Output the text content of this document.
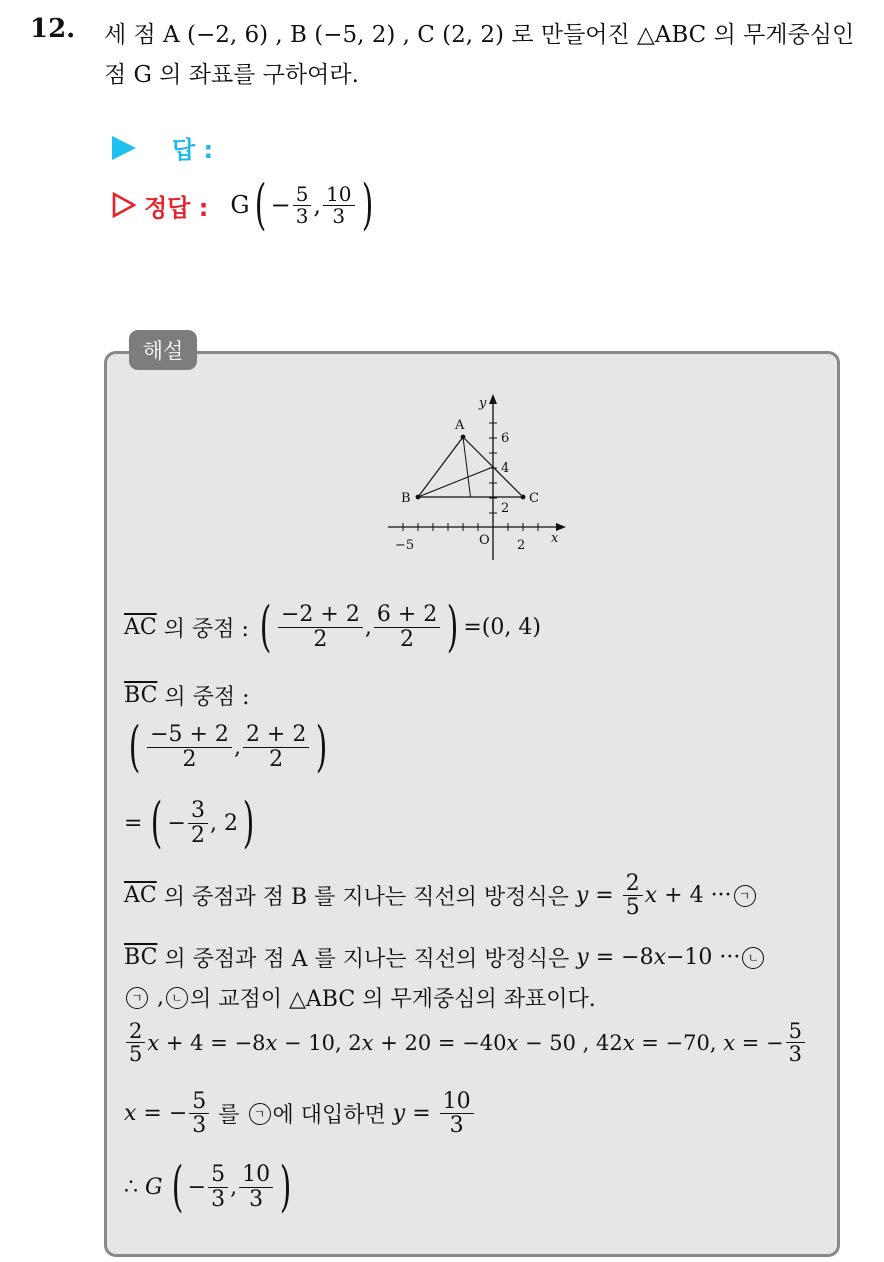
12. 세 점 A (−2, 6) , B (−5, 2) , C (2, 2) 로 만들어진 △ABC 의 무게중심인
점 G 의 좌표를 구하여라.
답 :
정답 : G ( − $\frac{5}{3}$ , $\frac{10}{3}$ )
해설
y
x
O
A
B	C
6
4
2
−5	2
$\overline{AC}$ 의 중점 : ( $\frac{-2 + 2}{2}$ , $\frac{6 + 2}{2}$ ) =(0, 4)
$\overline{BC}$ 의 중점 :
( $\frac{-5 + 2}{2}$ , $\frac{2 + 2}{2}$ )
= ( − $\frac{3}{2}$ , 2 )
$\overline{AC}$ 의 중점과 점 B 를 지나는 직선의 방정식은 $y = \frac{2}{5}$ x + 4 ··· ㄱ
$\overline{BC}$ 의 중점과 점 A 를 지나는 직선의 방정식은 y = −8 x −10 ··· ㄴ
ㄱ , ㄴ 의 교점이 △ABC 의 무게중심의 좌표이다.
$\frac{2}{5}$ x + 4 = −8 x − 10, 2 x + 20 = −40 x − 50 , 42 x = −70, x = − $\frac{5}{3}$
x = − $\frac{5}{3}$ 를 ㄱ 에 대입하면 $y = \frac{10}{3}$
∴ G ( − $\frac{5}{3}$ , $\frac{10}{3}$ )
